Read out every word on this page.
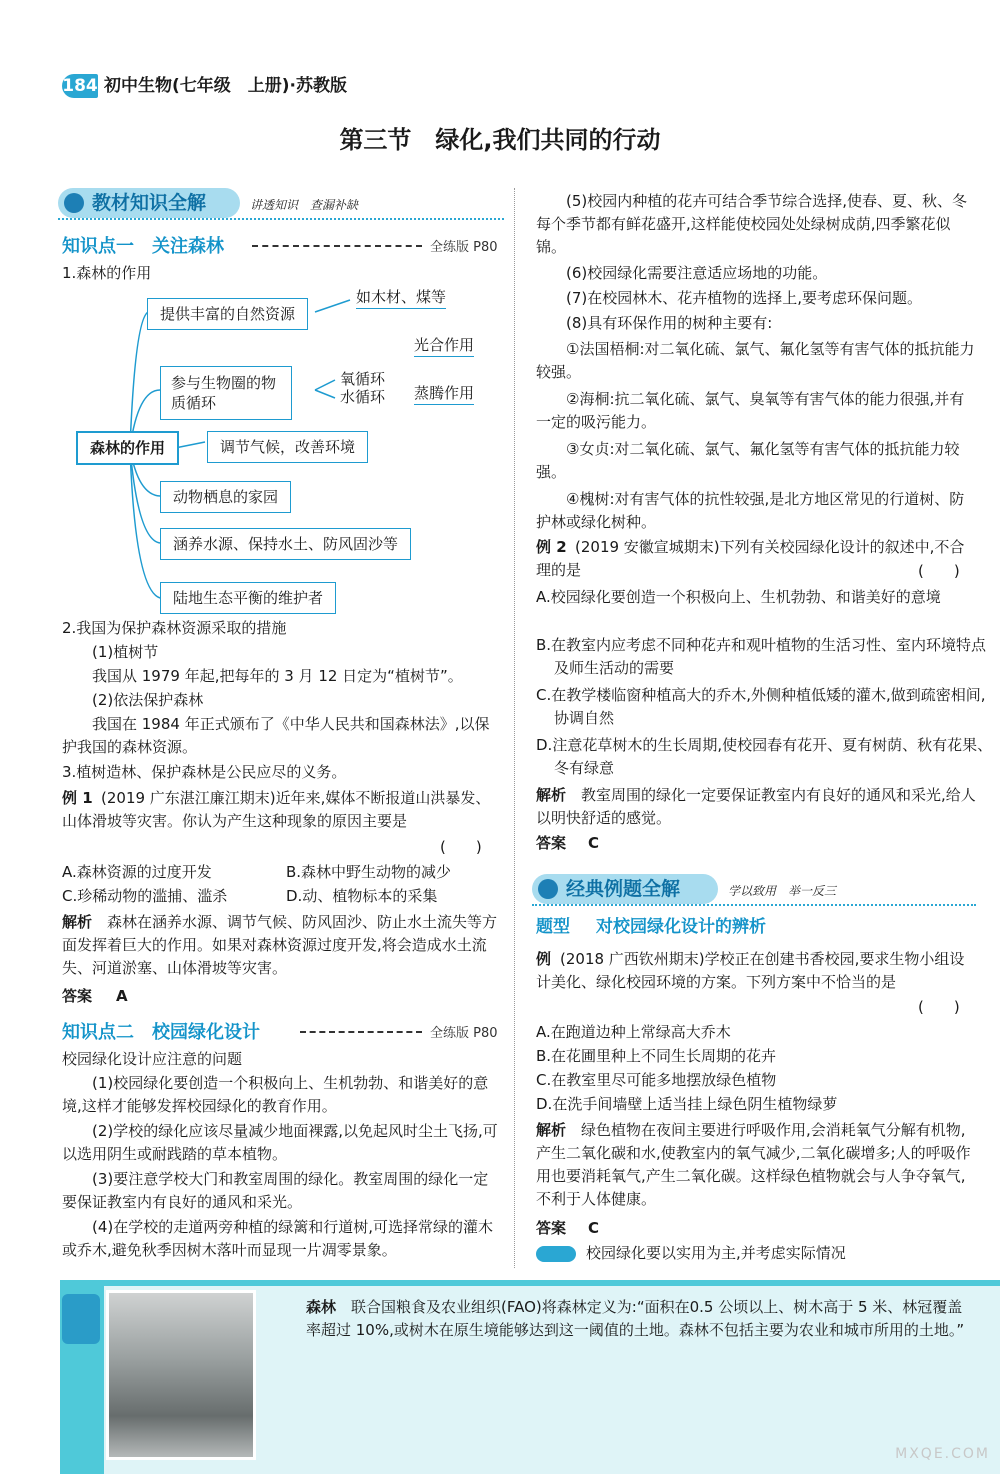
184 初中生物(七年级　上册)·苏教版
第三节　绿化,我们共同的行动
教材知识全解	讲透知识　查漏补缺
知识点一　关注森林	全练版 P80

1.森林的作用

提供丰富的自然资源
如木材、煤等
参与生物圈的物质循环
氧循环
光合作用
水循环 蒸腾作用
森林的作用	调节气候，改善环境
动物栖息的家园
涵养水源、保持水土、防风固沙等
陆地生态平衡的维护者

2.我国为保护森林资源采取的措施

(1)植树节

我国从 1979 年起,把每年的 3 月 12 日定为“植树节”。

(2)依法保护森林

我国在 1984 年正式颁布了《中华人民共和国森林法》,以保护我国的森林资源。

3.植树造林、保护森林是公民应尽的义务。

例 1 (2019 广东湛江廉江期末)近年来,媒体不断报道山洪暴发、山体滑坡等灾害。你认为产生这种现象的原因主要是

(　　)

A.森林资源的过度开发	B.森林中野生动物的减少

C.珍稀动物的滥捕、滥杀	D.动、植物标本的采集

解析 森林在涵养水源、调节气候、防风固沙、防止水土流失等方面发挥着巨大的作用。如果对森林资源过度开发,将会造成水土流失、河道淤塞、山体滑坡等灾害。

答案 A

知识点二　校园绿化设计	全练版 P80

校园绿化设计应注意的问题

(1)校园绿化要创造一个积极向上、生机勃勃、和谐美好的意境,这样才能够发挥校园绿化的教育作用。

(2)学校的绿化应该尽量减少地面裸露,以免起风时尘土飞扬,可以选用阴生或耐践踏的草本植物。

(3)要注意学校大门和教室周围的绿化。教室周围的绿化一定要保证教室内有良好的通风和采光。

(4)在学校的走道两旁种植的绿篱和行道树,可选择常绿的灌木或乔木,避免秋季因树木落叶而显现一片凋零景象。

(5)校园内种植的花卉可结合季节综合选择,使春、夏、秋、冬每个季节都有鲜花盛开,这样能使校园处处绿树成荫,四季繁花似锦。

(6)校园绿化需要注意适应场地的功能。

(7)在校园林木、花卉植物的选择上,要考虑环保问题。

(8)具有环保作用的树种主要有:

①法国梧桐:对二氧化硫、氯气、氟化氢等有害气体的抵抗能力较强。

②海桐:抗二氧化硫、氯气、臭氧等有害气体的能力很强,并有一定的吸污能力。

③女贞:对二氧化硫、氯气、氟化氢等有害气体的抵抗能力较强。

④槐树:对有害气体的抗性较强,是北方地区常见的行道树、防护林或绿化树种。

例 2 (2019 安徽宣城期末)下列有关校园绿化设计的叙述中,不合理的是	(　　)

A.校园绿化要创造一个积极向上、生机勃勃、和谐美好的意境

B.在教室内应考虑不同种花卉和观叶植物的生活习性、室内环境特点及师生活动的需要

C.在教学楼临窗种植高大的乔木,外侧种植低矮的灌木,做到疏密相间,协调自然

D.注意花草树木的生长周期,使校园春有花开、夏有树荫、秋有花果、冬有绿意

解析 教室周围的绿化一定要保证教室内有良好的通风和采光,给人以明快舒适的感觉。

答案 C

经典例题全解	学以致用　举一反三

题型 对校园绿化设计的辨析

例 (2018 广西钦州期末)学校正在创建书香校园,要求生物小组设计美化、绿化校园环境的方案。下列方案中不恰当的是

(　　)

A.在跑道边种上常绿高大乔木

B.在花圃里种上不同生长周期的花卉

C.在教室里尽可能多地摆放绿色植物

D.在洗手间墙壁上适当挂上绿色阴生植物绿萝

解析 绿色植物在夜间主要进行呼吸作用,会消耗氧气分解有机物,产生二氧化碳和水,使教室内的氧气减少,二氧化碳增多;人的呼吸作用也要消耗氧气,产生二氧化碳。这样绿色植物就会与人争夺氧气,不利于人体健康。

答案 C

校园绿化要以实用为主,并考虑实际情况

森林 联合国粮食及农业组织(FAO)将森林定义为:“面积在0.5 公顷以上、树木高于 5 米、林冠覆盖率超过 10%,或树木在原生境能够达到这一阈值的土地。森林不包括主要为农业和城市所用的土地。”

MXQE.COM
